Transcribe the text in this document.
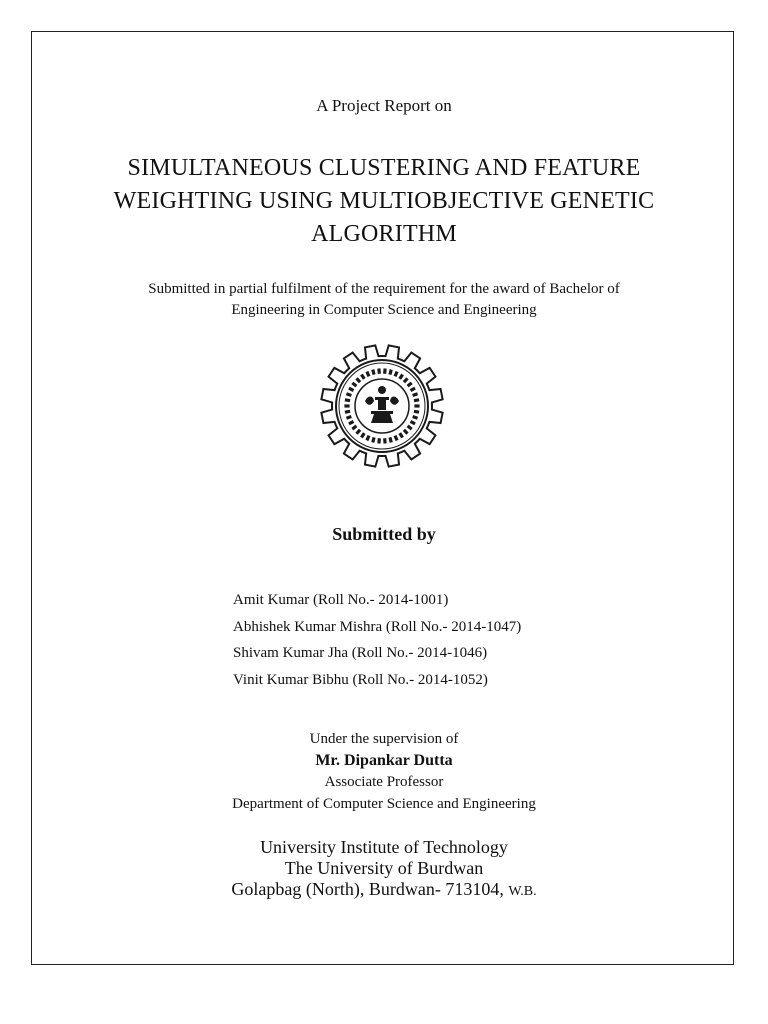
A Project Report on
SIMULTANEOUS CLUSTERING AND FEATURE
WEIGHTING USING MULTIOBJECTIVE GENETIC
ALGORITHM
Submitted in partial fulfilment of the requirement for the award of Bachelor of
Engineering in Computer Science and Engineering
Submitted by
Amit Kumar (Roll No.- 2014-1001)
Abhishek Kumar Mishra (Roll No.- 2014-1047)
Shivam Kumar Jha (Roll No.- 2014-1046)
Vinit Kumar Bibhu (Roll No.- 2014-1052)
Under the supervision of
Mr. Dipankar Dutta
Associate Professor
Department of Computer Science and Engineering
University Institute of Technology
The University of Burdwan
Golapbag (North), Burdwan- 713104, W.B.
